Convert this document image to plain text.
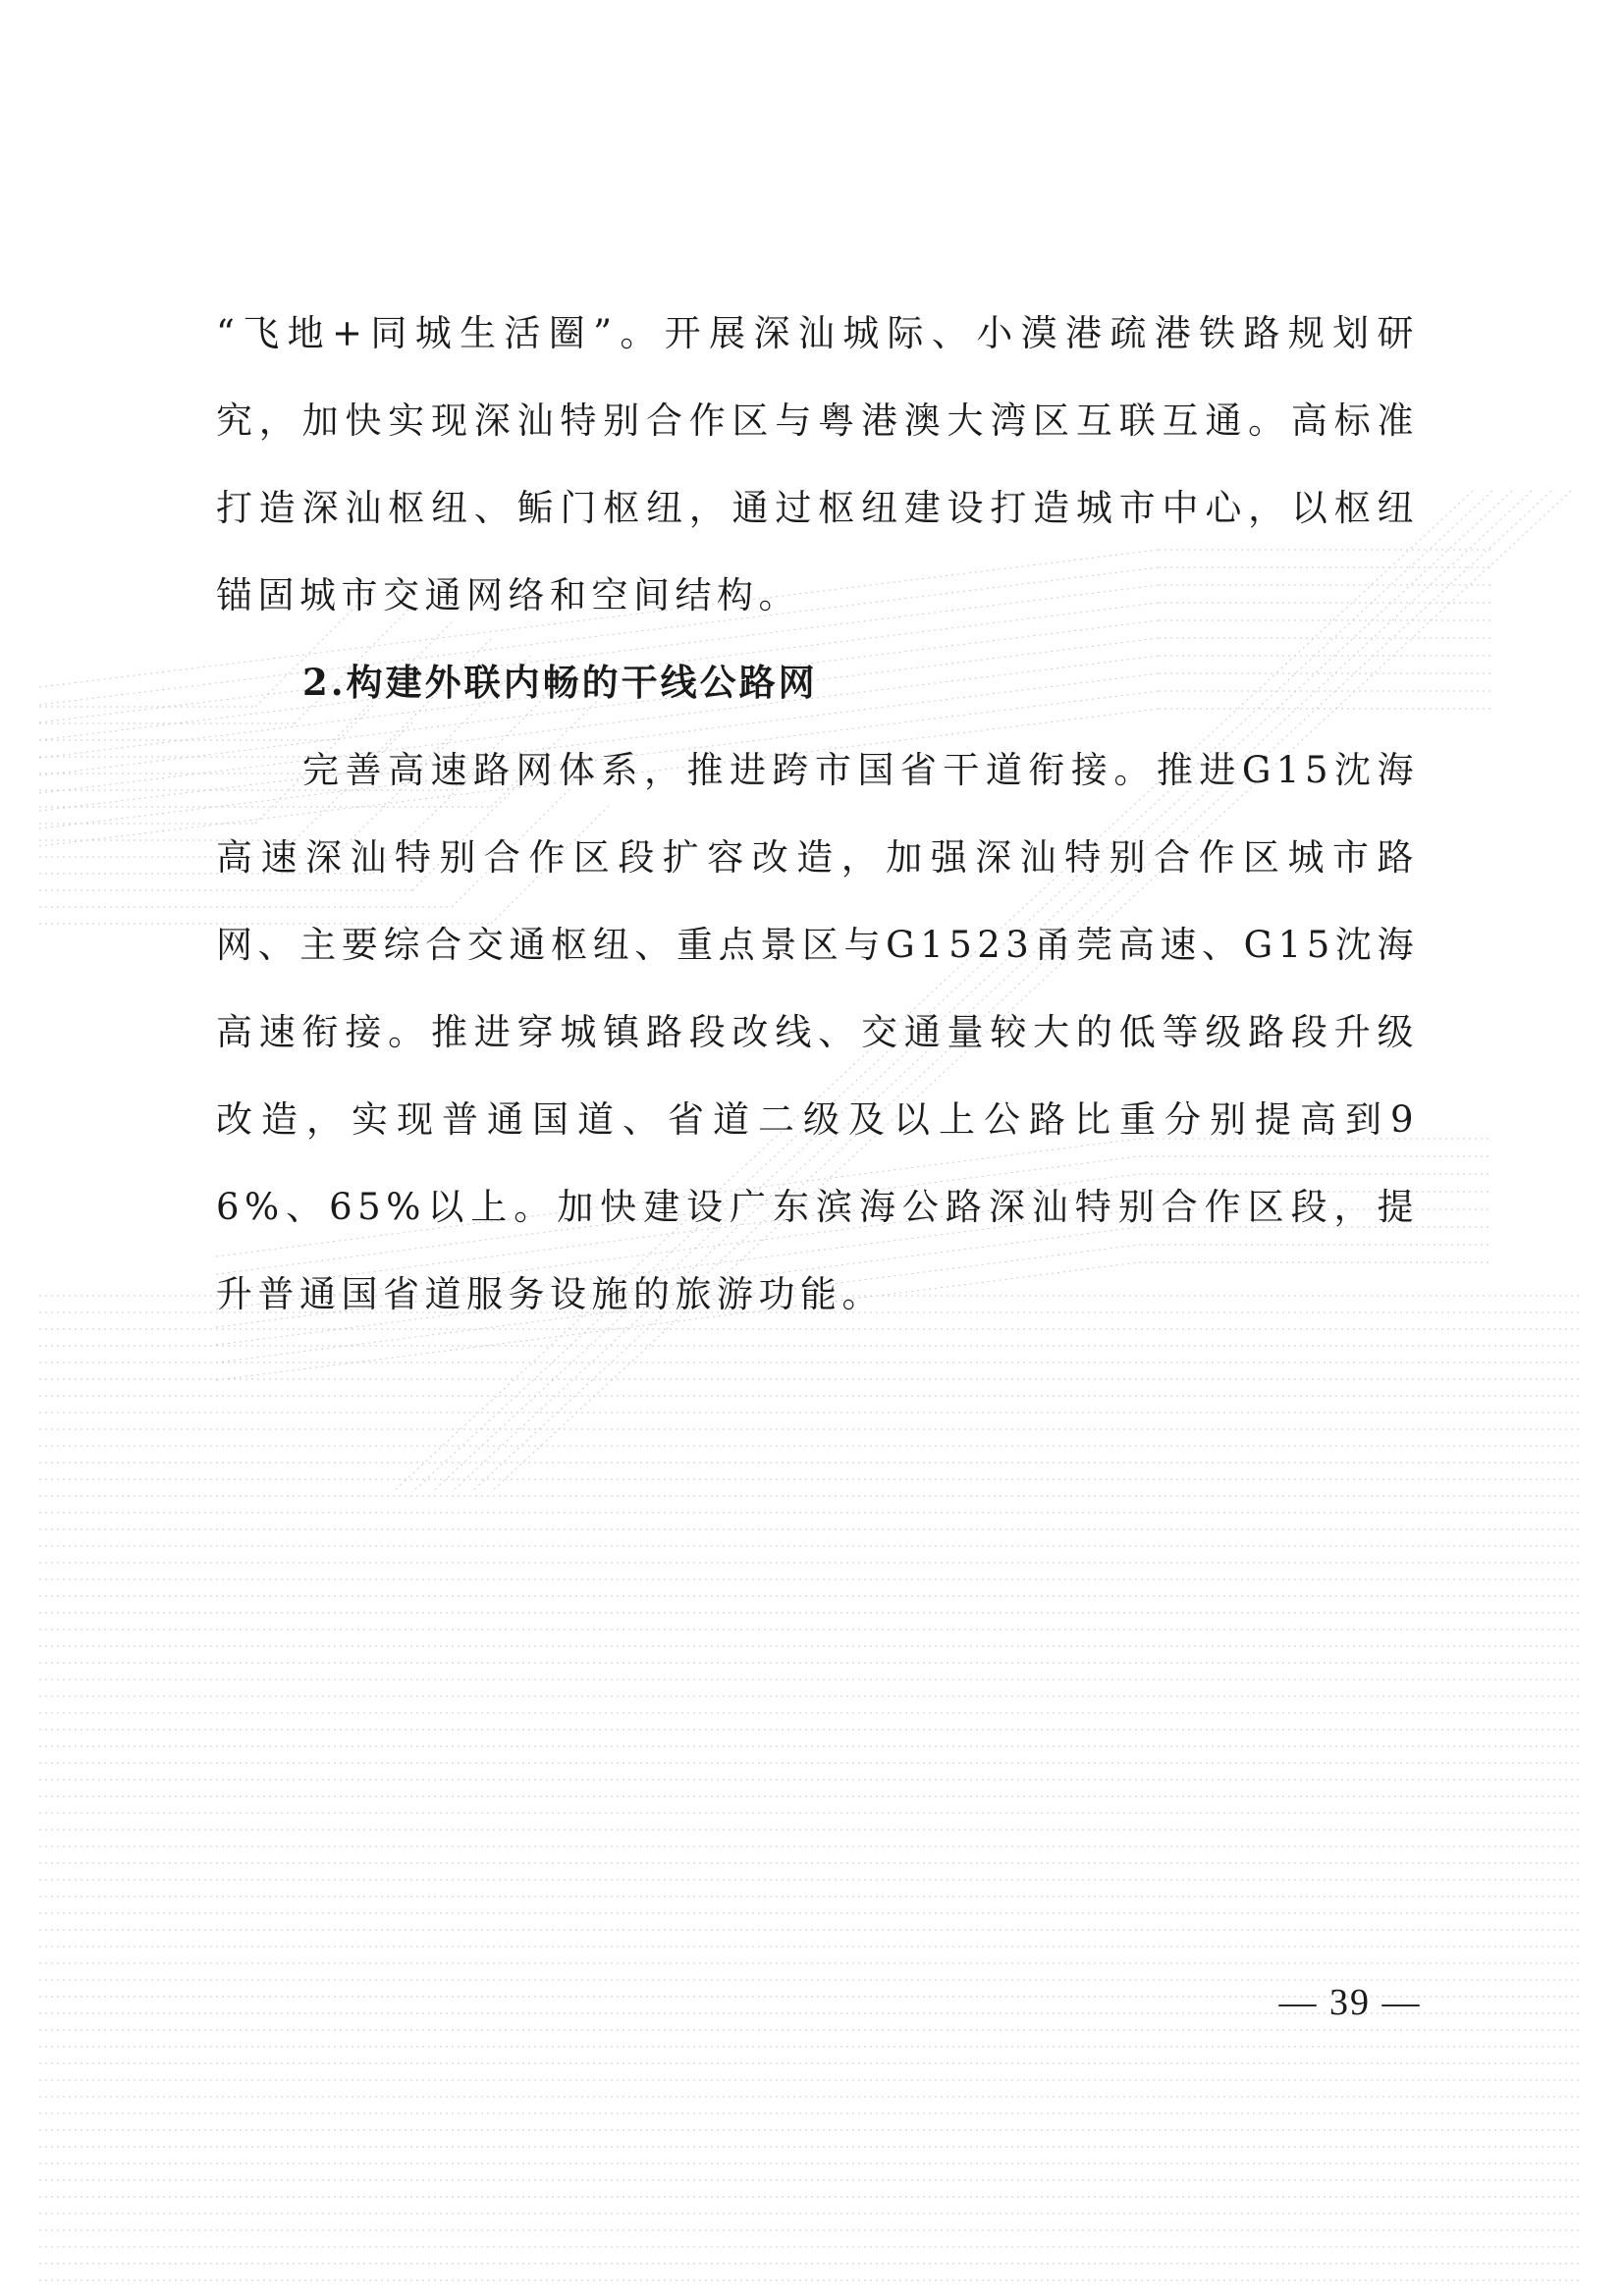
“飞地+同城生活圈”。开展深汕城际、小漠港疏港铁路规划研究，加快实现深汕特别合作区与粤港澳大湾区互联互通。高标准打造深汕枢纽、鲘门枢纽，通过枢纽建设打造城市中心，以枢纽锚固城市交通网络和空间结构。

2.构建外联内畅的干线公路网

完善高速路网体系，推进跨市国省干道衔接。推进G15沈海高速深汕特别合作区段扩容改造，加强深汕特别合作区城市路网、主要综合交通枢纽、重点景区与G1523甬莞高速、G15沈海高速衔接。推进穿城镇路段改线、交通量较大的低等级路段升级改造，实现普通国道、省道二级及以上公路比重分别提高到96%、65%以上。加快建设广东滨海公路深汕特别合作区段，提升普通国省道服务设施的旅游功能。

— 39 —
